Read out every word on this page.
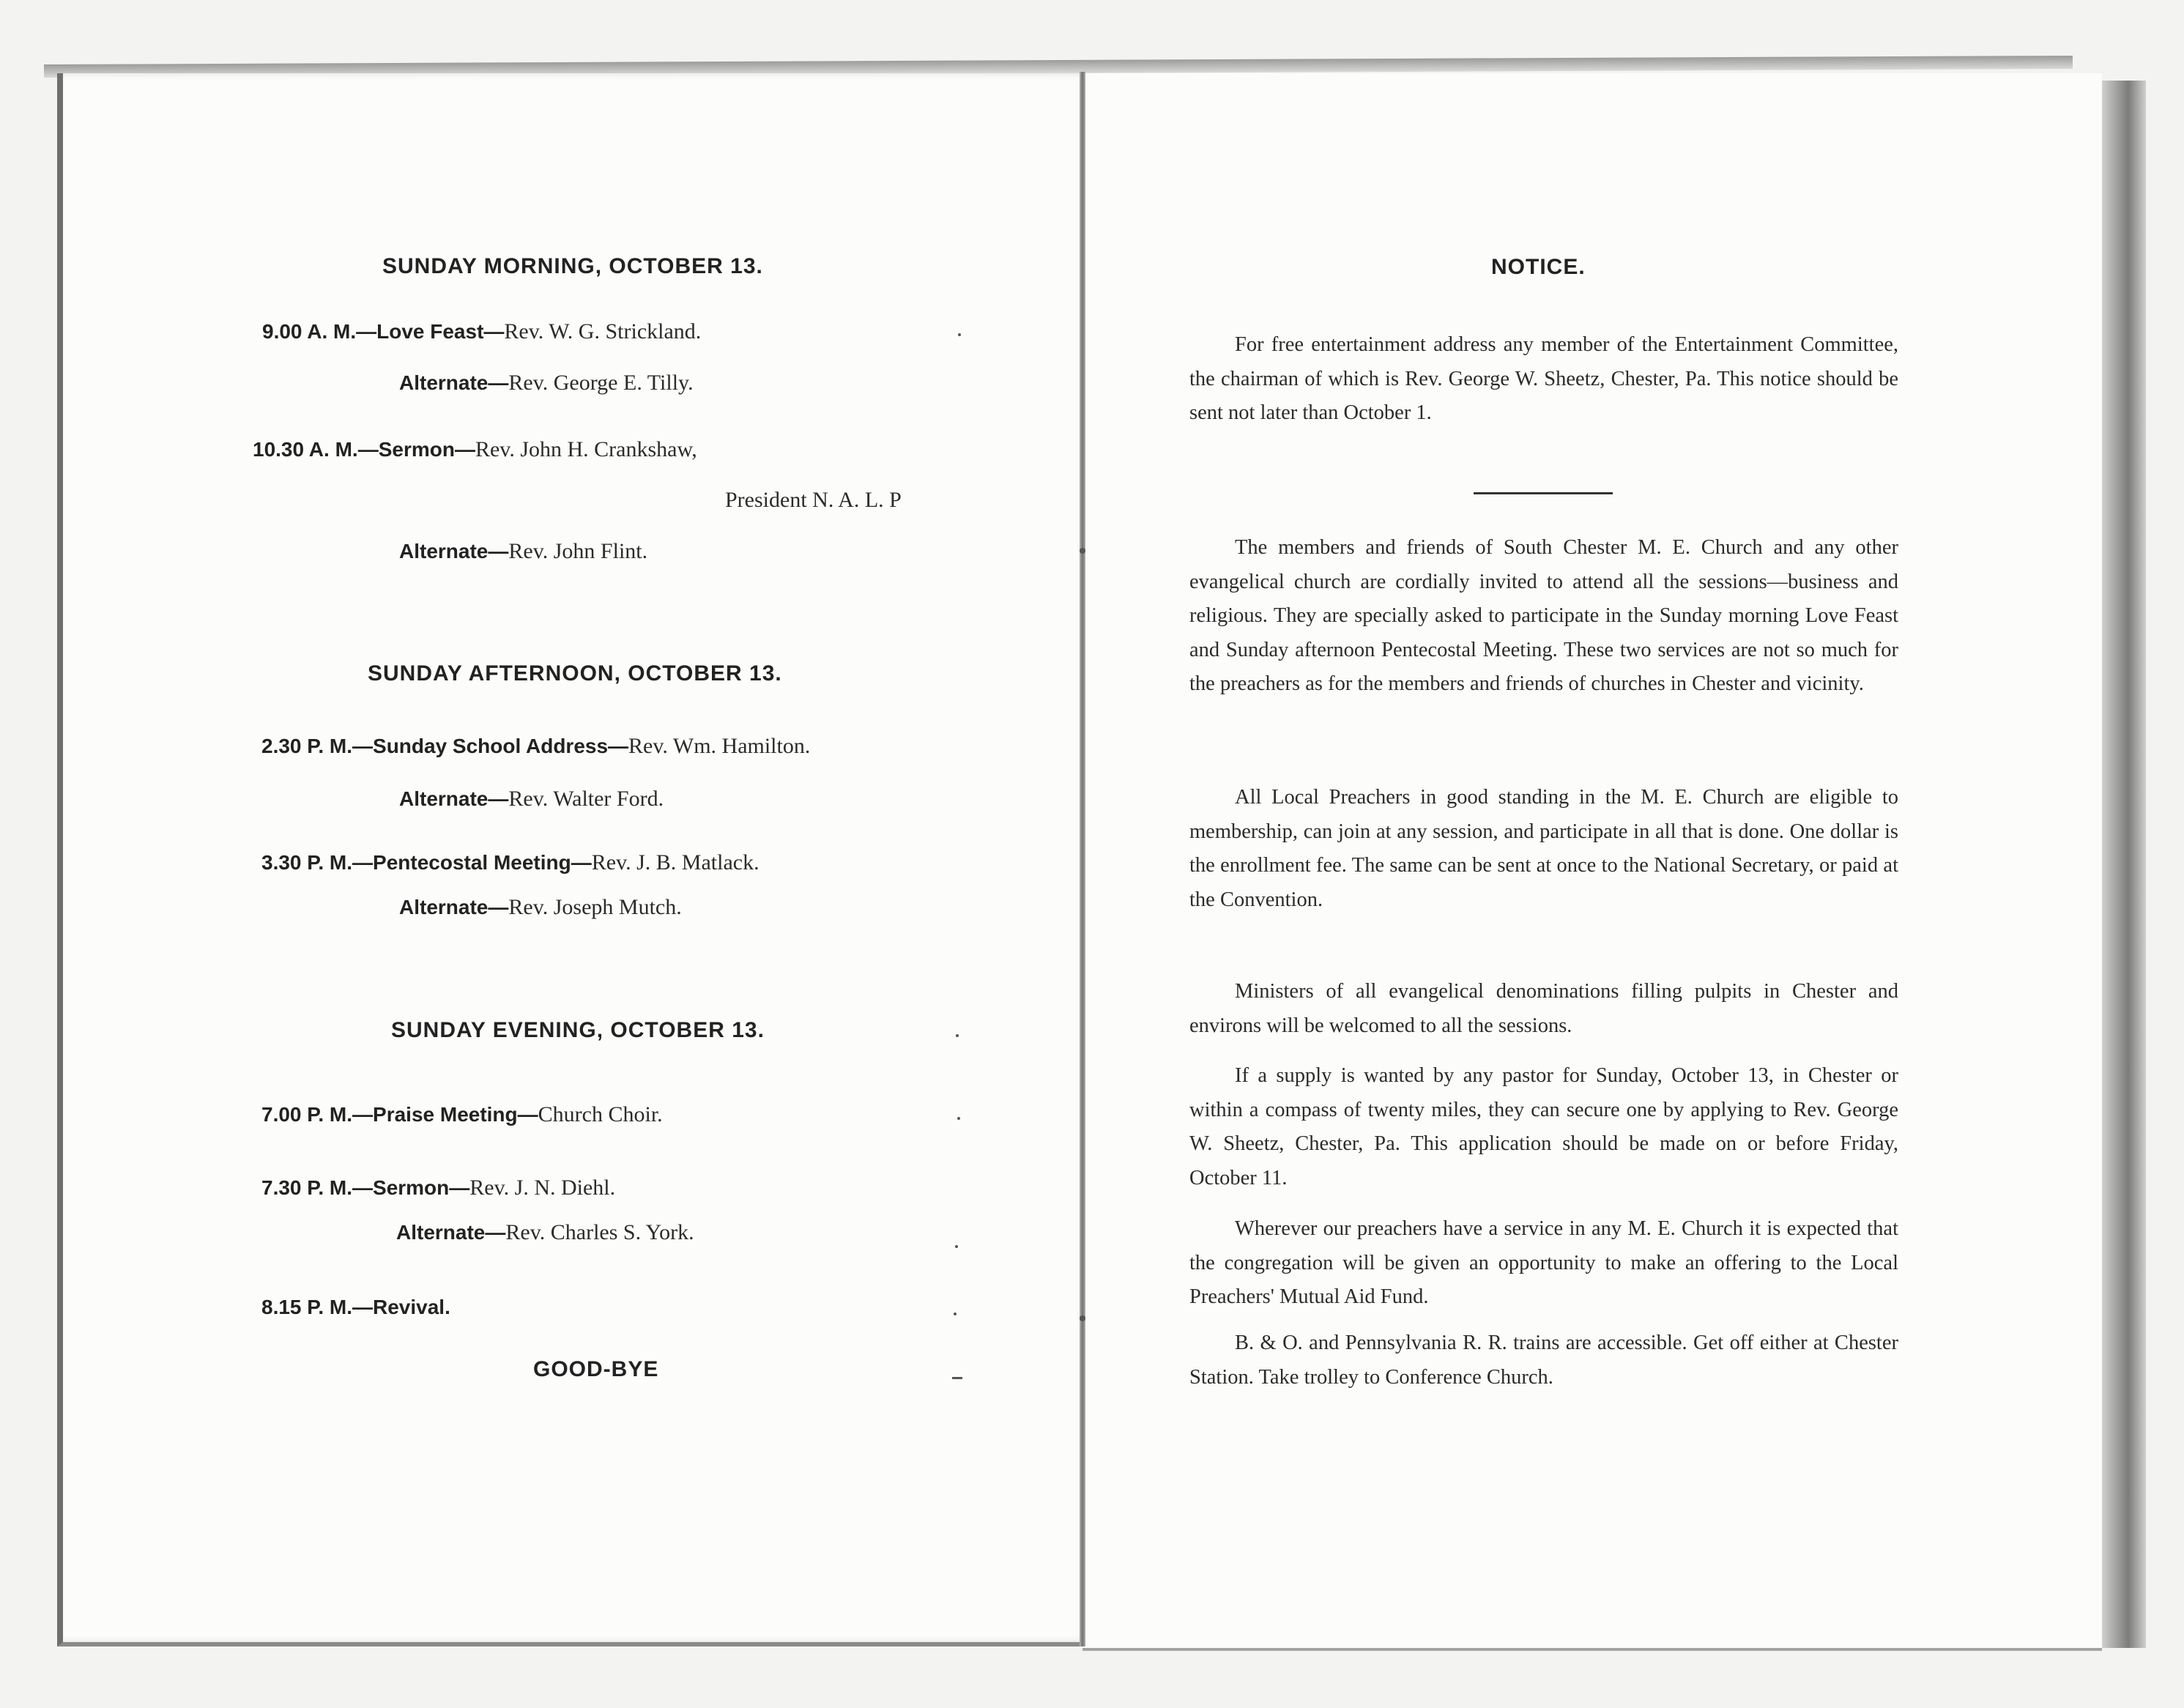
SUNDAY MORNING, OCTOBER 13.
9.00 A. M.—Love Feast—Rev. W. G. Strickland.
Alternate—Rev. George E. Tilly.
10.30 A. M.—Sermon—Rev. John H. Crankshaw,
President N. A. L. P
Alternate—Rev. John Flint.
SUNDAY AFTERNOON, OCTOBER 13.
2.30 P. M.—Sunday School Address—Rev. Wm. Hamilton.
Alternate—Rev. Walter Ford.
3.30 P. M.—Pentecostal Meeting—Rev. J. B. Matlack.
Alternate—Rev. Joseph Mutch.
SUNDAY EVENING, OCTOBER 13.
7.00 P. M.—Praise Meeting—Church Choir.
7.30 P. M.—Sermon—Rev. J. N. Diehl.
Alternate—Rev. Charles S. York.
8.15 P. M.—Revival.
GOOD-BYE
NOTICE.

For free entertainment address any member of the Entertainment Committee, the chairman of which is Rev. George W. Sheetz, Chester, Pa. This notice should be sent not later than October 1.

The members and friends of South Chester M. E. Church and any other evangelical church are cordially invited to attend all the sessions—business and religious. They are specially asked to participate in the Sunday morning Love Feast and Sunday afternoon Pentecostal Meeting. These two services are not so much for the preachers as for the members and friends of churches in Chester and vicinity.

All Local Preachers in good standing in the M. E. Church are eligible to membership, can join at any session, and participate in all that is done. One dollar is the enrollment fee. The same can be sent at once to the National Secretary, or paid at the Convention.

Ministers of all evangelical denominations filling pulpits in Chester and environs will be welcomed to all the sessions.

If a supply is wanted by any pastor for Sunday, October 13, in Chester or within a compass of twenty miles, they can secure one by applying to Rev. George W. Sheetz, Chester, Pa. This application should be made on or before Friday, October 11.

Wherever our preachers have a service in any M. E. Church it is expected that the congregation will be given an opportunity to make an offering to the Local Preachers' Mutual Aid Fund.

B. & O. and Pennsylvania R. R. trains are accessible. Get off either at Chester Station. Take trolley to Conference Church.
